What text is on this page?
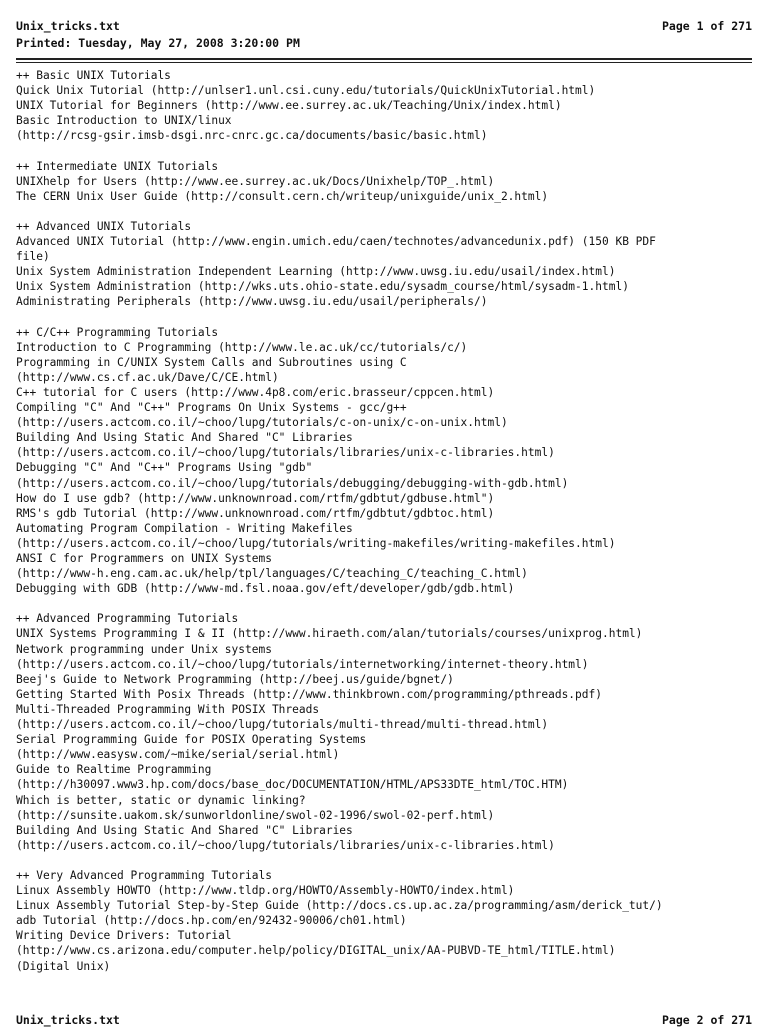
Unix_tricks.txt	Page 1 of 271
Printed: Tuesday, May 27, 2008 3:20:00 PM
++ Basic UNIX Tutorials
Quick Unix Tutorial (http://unlser1.unl.csi.cuny.edu/tutorials/QuickUnixTutorial.html)
UNIX Tutorial for Beginners (http://www.ee.surrey.ac.uk/Teaching/Unix/index.html)
Basic Introduction to UNIX/linux
(http://rcsg-gsir.imsb-dsgi.nrc-cnrc.gc.ca/documents/basic/basic.html)
++ Intermediate UNIX Tutorials
UNIXhelp for Users (http://www.ee.surrey.ac.uk/Docs/Unixhelp/TOP_.html)
The CERN Unix User Guide (http://consult.cern.ch/writeup/unixguide/unix_2.html)
++ Advanced UNIX Tutorials
Advanced UNIX Tutorial (http://www.engin.umich.edu/caen/technotes/advancedunix.pdf) (150 KB PDF
file)
Unix System Administration Independent Learning (http://www.uwsg.iu.edu/usail/index.html)
Unix System Administration (http://wks.uts.ohio-state.edu/sysadm_course/html/sysadm-1.html)
Administrating Peripherals (http://www.uwsg.iu.edu/usail/peripherals/)
++ C/C++ Programming Tutorials
Introduction to C Programming (http://www.le.ac.uk/cc/tutorials/c/)
Programming in C/UNIX System Calls and Subroutines using C
(http://www.cs.cf.ac.uk/Dave/C/CE.html)
C++ tutorial for C users (http://www.4p8.com/eric.brasseur/cppcen.html)
Compiling "C" And "C++" Programs On Unix Systems - gcc/g++
(http://users.actcom.co.il/~choo/lupg/tutorials/c-on-unix/c-on-unix.html)
Building And Using Static And Shared "C" Libraries
(http://users.actcom.co.il/~choo/lupg/tutorials/libraries/unix-c-libraries.html)
Debugging "C" And "C++" Programs Using "gdb"
(http://users.actcom.co.il/~choo/lupg/tutorials/debugging/debugging-with-gdb.html)
How do I use gdb? (http://www.unknownroad.com/rtfm/gdbtut/gdbuse.html")
RMS's gdb Tutorial (http://www.unknownroad.com/rtfm/gdbtut/gdbtoc.html)
Automating Program Compilation - Writing Makefiles
(http://users.actcom.co.il/~choo/lupg/tutorials/writing-makefiles/writing-makefiles.html)
ANSI C for Programmers on UNIX Systems
(http://www-h.eng.cam.ac.uk/help/tpl/languages/C/teaching_C/teaching_C.html)
Debugging with GDB (http://www-md.fsl.noaa.gov/eft/developer/gdb/gdb.html)
++ Advanced Programming Tutorials
UNIX Systems Programming I & II (http://www.hiraeth.com/alan/tutorials/courses/unixprog.html)
Network programming under Unix systems
(http://users.actcom.co.il/~choo/lupg/tutorials/internetworking/internet-theory.html)
Beej's Guide to Network Programming (http://beej.us/guide/bgnet/)
Getting Started With Posix Threads (http://www.thinkbrown.com/programming/pthreads.pdf)
Multi-Threaded Programming With POSIX Threads
(http://users.actcom.co.il/~choo/lupg/tutorials/multi-thread/multi-thread.html)
Serial Programming Guide for POSIX Operating Systems
(http://www.easysw.com/~mike/serial/serial.html)
Guide to Realtime Programming
(http://h30097.www3.hp.com/docs/base_doc/DOCUMENTATION/HTML/APS33DTE_html/TOC.HTM)
Which is better, static or dynamic linking?
(http://sunsite.uakom.sk/sunworldonline/swol-02-1996/swol-02-perf.html)
Building And Using Static And Shared "C" Libraries
(http://users.actcom.co.il/~choo/lupg/tutorials/libraries/unix-c-libraries.html)
++ Very Advanced Programming Tutorials
Linux Assembly HOWTO (http://www.tldp.org/HOWTO/Assembly-HOWTO/index.html)
Linux Assembly Tutorial Step-by-Step Guide (http://docs.cs.up.ac.za/programming/asm/derick_tut/)
adb Tutorial (http://docs.hp.com/en/92432-90006/ch01.html)
Writing Device Drivers: Tutorial
(http://www.cs.arizona.edu/computer.help/policy/DIGITAL_unix/AA-PUBVD-TE_html/TITLE.html)
(Digital Unix)
Unix_tricks.txt	Page 2 of 271
